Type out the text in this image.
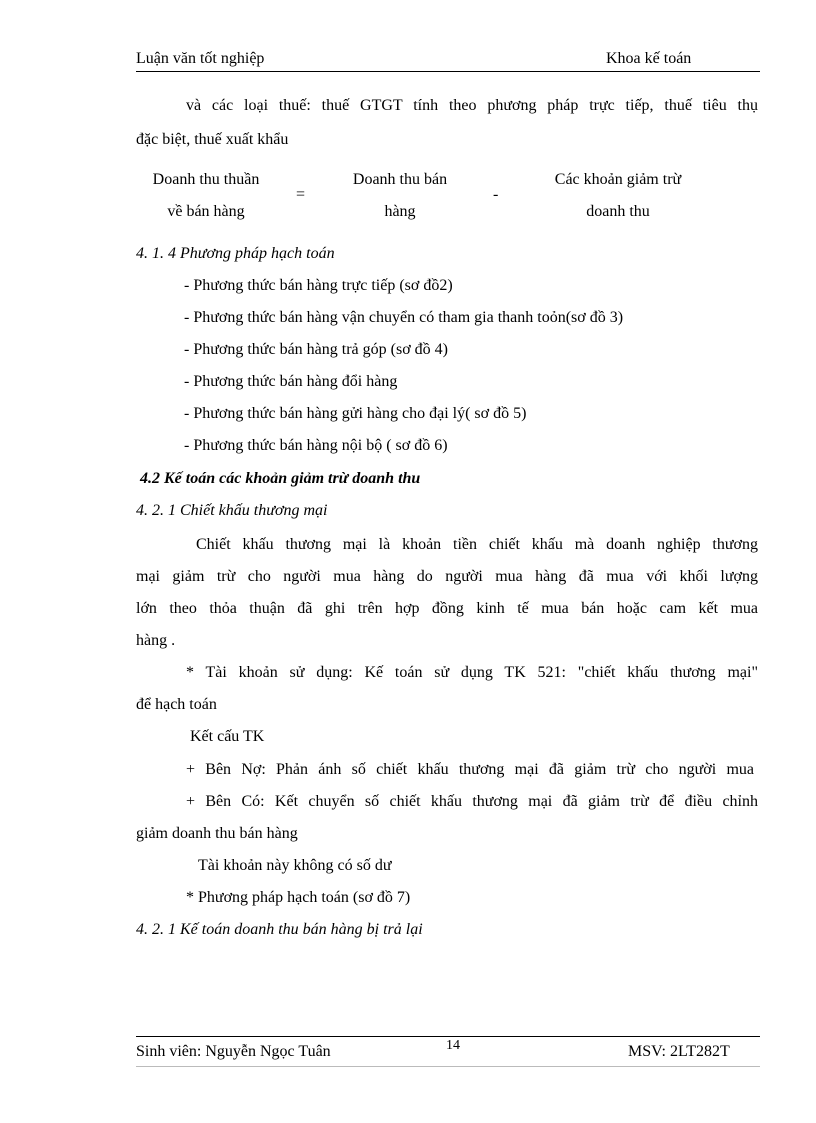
Luận văn tốt nghiệp	Khoa kế toán
và các loại thuế: thuế GTGT tính theo phương pháp trực tiếp, thuế tiêu thụ
đặc biệt, thuế xuất khẩu
Doanh thu thuần
về bán hàng
=
Doanh thu bán
hàng
-
Các khoản giảm trừ
doanh thu
4. 1. 4 Phương pháp hạch toán
- Phương thức bán hàng trực tiếp (sơ đồ2)
- Phương thức bán hàng vận chuyển có tham gia thanh toỏn(sơ đồ 3)
- Phương thức bán hàng trả góp (sơ đồ 4)
- Phương thức bán hàng đổi hàng
- Phương thức bán hàng gửi hàng cho đại lý( sơ đồ 5)
- Phương thức bán hàng nội bộ ( sơ đồ 6)
4.2 Kế toán các khoản giảm trừ doanh thu
4. 2. 1 Chiết khấu thương mại
Chiết khấu thương mại là khoản tiền chiết khấu mà doanh nghiệp thương
mại giảm trừ cho người mua hàng do người mua hàng đã mua với khối lượng
lớn theo thỏa thuận đã ghi trên hợp đồng kinh tế mua bán hoặc cam kết mua
hàng .
* Tài khoản sử dụng: Kế toán sử dụng TK 521: "chiết khấu thương mại"
để hạch toán
Kết cấu TK
+ Bên Nợ: Phản ánh số chiết khấu thương mại đã giảm trừ cho người mua
+ Bên Có: Kết chuyển số chiết khấu thương mại đã giảm trừ để điều chỉnh
giảm doanh thu bán hàng
Tài khoản này không có số dư
* Phương pháp hạch toán (sơ đồ 7)
4. 2. 1 Kế toán doanh thu bán hàng bị trả lại
Sinh viên: Nguyễn Ngọc Tuân	14	MSV: 2LT282T
